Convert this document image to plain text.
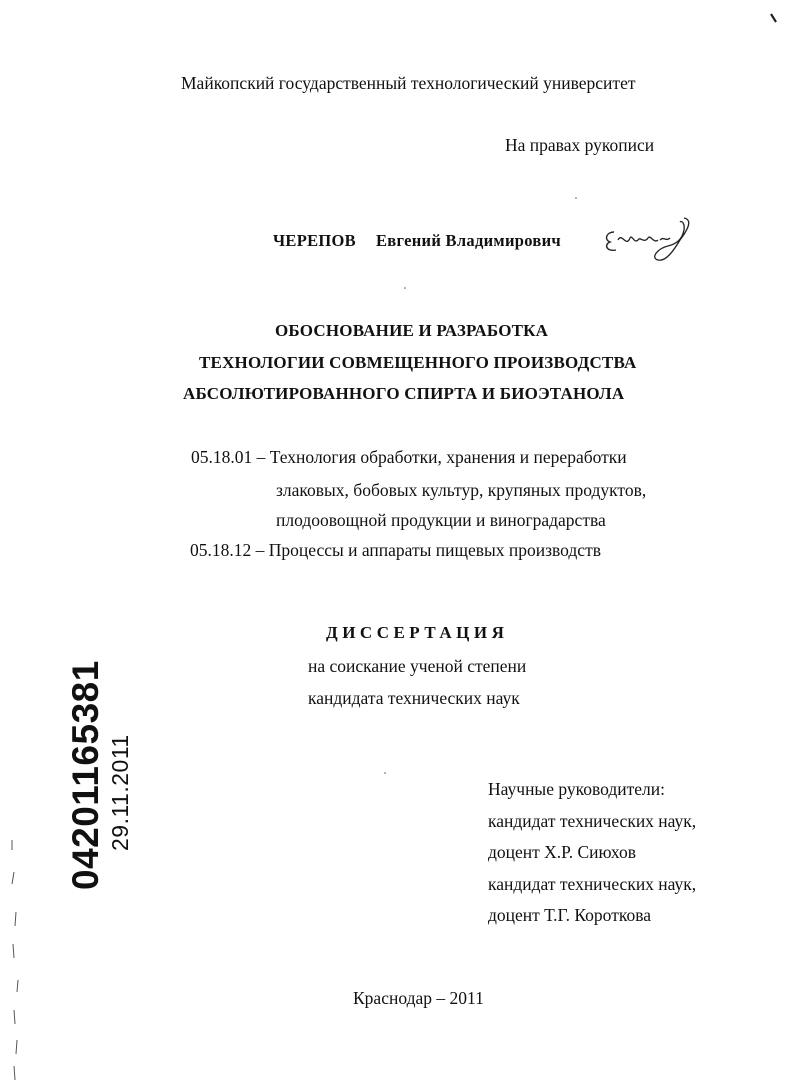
Майкопский государственный технологический университет
На правах рукописи
ЧЕРЕПОВ Евгений Владимирович
ОБОСНОВАНИЕ И РАЗРАБОТКА
ТЕХНОЛОГИИ СОВМЕЩЕННОГО ПРОИЗВОДСТВА
АБСОЛЮТИРОВАННОГО СПИРТА И БИОЭТАНОЛА
05.18.01 – Технология обработки, хранения и переработки
злаковых, бобовых культур, крупяных продуктов,
плодоовощной продукции и виноградарства
05.18.12 – Процессы и аппараты пищевых производств
ДИССЕРТАЦИЯ
на соискание ученой степени
кандидата технических наук
Научные руководители:
кандидат технических наук,
доцент Х.Р. Сиюхов
кандидат технических наук,
доцент Т.Г. Короткова
Краснодар – 2011
04201165381 29.11.2011
